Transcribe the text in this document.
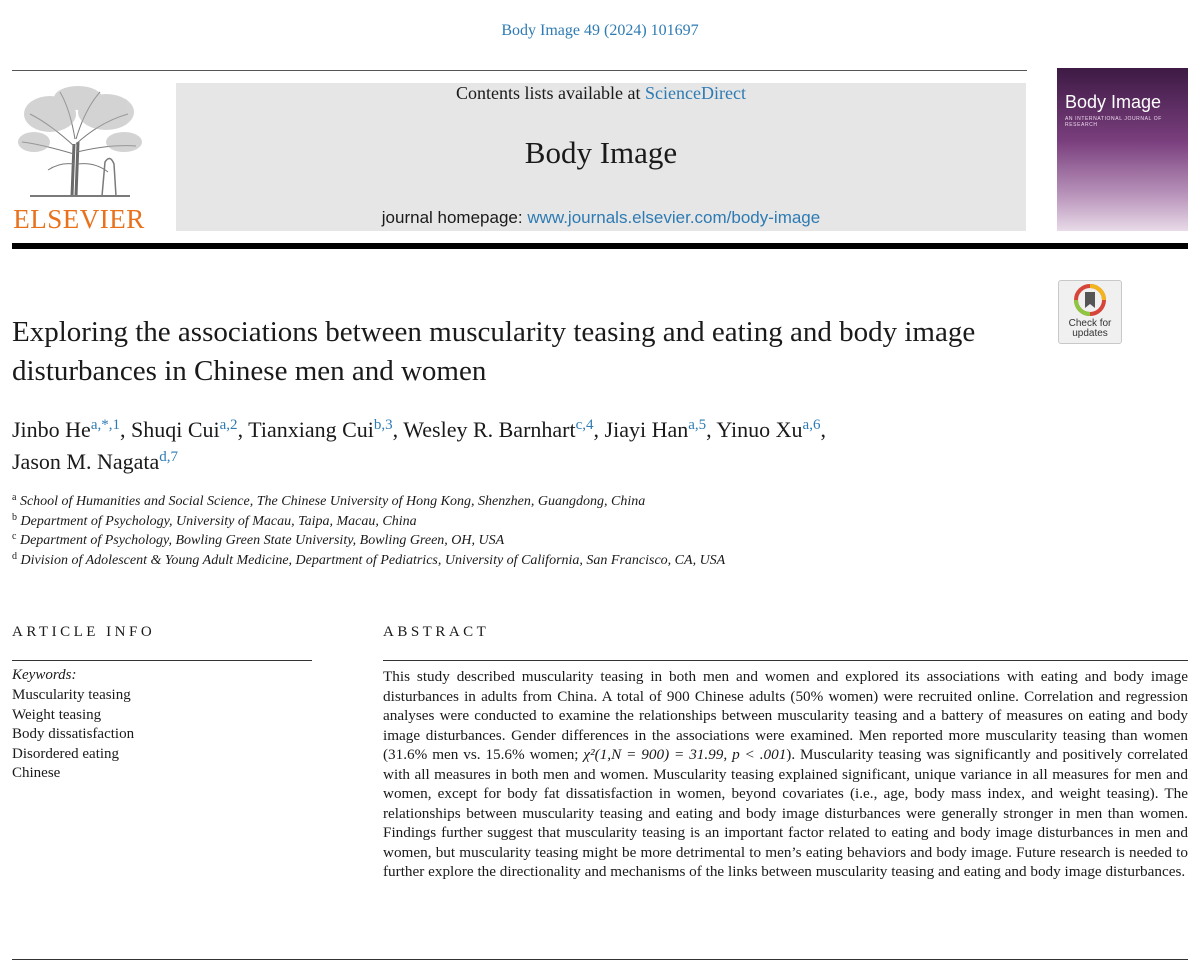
Body Image 49 (2024) 101697
ELSEVIER
Contents lists available at ScienceDirect
Body Image
journal homepage: www.journals.elsevier.com/body-image
Body Image
AN INTERNATIONAL JOURNAL OF RESEARCH
Check for
updates
Exploring the associations between muscularity teasing and eating and body image disturbances in Chinese men and women
Jinbo $He^{a,*,1}$, Shuqi Cui$^{a,2}$, Tianxiang Cui$^{b,3}$, Wesley R. Barnhart$^{c,4}$, Jiayi Han$^{a,5}$, Yinuo Xu$^{a,6}$,
Jason M. Nagata$^{d,7}$
$^a$ School of Humanities and Social Science, The Chinese University of Hong Kong, Shenzhen, Guangdong, China
$^b$ Department of Psychology, University of Macau, Taipa, Macau, China
$^c$ Department of Psychology, Bowling Green State University, Bowling Green, OH, USA
$^d$ Division of Adolescent & Young Adult Medicine, Department of Pediatrics, University of California, San Francisco, CA, USA
ARTICLE INFO	ABSTRACT
Keywords:
Muscularity teasing
Weight teasing
Body dissatisfaction
Disordered eating
Chinese
This study described muscularity teasing in both men and women and explored its associations with eating and body image disturbances in adults from China. A total of 900 Chinese adults (50% women) were recruited online. Correlation and regression analyses were conducted to examine the relationships between muscularity teasing and a battery of measures on eating and body image disturbances. Gender differences in the associations were examined. Men reported more muscularity teasing than women (31.6% men vs. 15.6% women; χ²(1,N = 900) = 31.99, p < .001). Muscularity teasing was significantly and positively correlated with all measures in both men and women. Muscularity teasing explained significant, unique variance in all measures for men and women, except for body fat dissatisfaction in women, beyond covariates (i.e., age, body mass index, and weight teasing). The relationships between muscularity teasing and eating and body image disturbances were generally stronger in men than women. Findings further suggest that muscularity teasing is an important factor related to eating and body image disturbances in men and women, but muscularity teasing might be more detrimental to men’s eating behaviors and body image. Future research is needed to further explore the directionality and mechanisms of the links between muscularity teasing and eating and body image disturbances.
